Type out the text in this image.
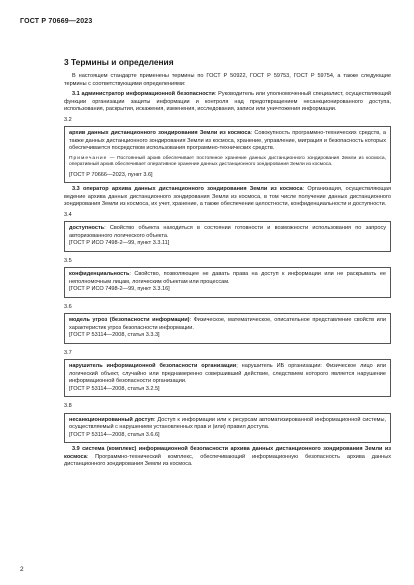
ГОСТ Р 70669—2023
3 Термины и определения

В настоящем стандарте применены термины по ГОСТ Р 50922, ГОСТ Р 59753, ГОСТ Р 59754, а также следующие термины с соответствующими определениями:

3.1 администратор информационной безопасности: Руководитель или уполномоченный специалист, осуществляющий функции организации защиты информации и контроля над предотвращением несанкционированного доступа, использования, раскрытия, искажения, изменения, исследования, записи или уничтожения информации.

3.2

архив данных дистанционного зондирования Земли из космоса: Совокупность программно-технических средств, а также данных дистанционного зондирования Земли из космоса, хранение, управление, миграция и безопасность которых обеспечивается посредством использования программно-технических средств.

Примечание — Постоянный архив обеспечивает постоянное хранение данных дистанционного зондирования Земли из космоса, оперативный архив обеспечивает оперативное хранение данных дистанционного зондирования Земли из космоса.

[ГОСТ Р 70666—2023, пункт 3.6]

3.3 оператор архива данных дистанционного зондирования Земли из космоса: Организация, осуществляющая ведение архива данных дистанционного зондирования Земли из космоса, в том числе получение данных дистанционного зондирования Земли из космоса, их учет, хранение, а также обеспечение целостности, конфиденциальности и доступности.

3.4

доступность: Свойство объекта находиться в состоянии готовности и возможности использования по запросу авторизованного логического объекта.

[ГОСТ Р ИСО 7498-2—99, пункт 3.3.11]

3.5

конфиденциальность: Свойство, позволяющее не давать права на доступ к информации или не раскрывать ее неполномочным лицам, логическим объектам или процессам.

[ГОСТ Р ИСО 7498-2—99, пункт 3.3.16]

3.6

модель угроз (безопасности информации): Физическое, математическое, описательное представление свойств или характеристик угроз безопасности информации.

[ГОСТ Р 53114—2008, статья 3.3.3]

3.7

нарушитель информационной безопасности организации; нарушитель ИБ организации: Физическое лицо или логический объект, случайно или преднамеренно совершивший действие, следствием которого является нарушение информационной безопасности организации.

[ГОСТ Р 53114—2008, статья 3.2.5]

3.8

несанкционированный доступ: Доступ к информации или к ресурсам автоматизированной информационной системы, осуществляемый с нарушением установленных прав и (или) правил доступа.

[ГОСТ Р 53114—2008, статья 3.6.6]

3.9 система (комплекс) информационной безопасности архива данных дистанционного зондирования Земли из космоса: Программно-технический комплекс, обеспечивающий информационную безопасность архива данных дистанционного зондирования Земли из космоса.

2
